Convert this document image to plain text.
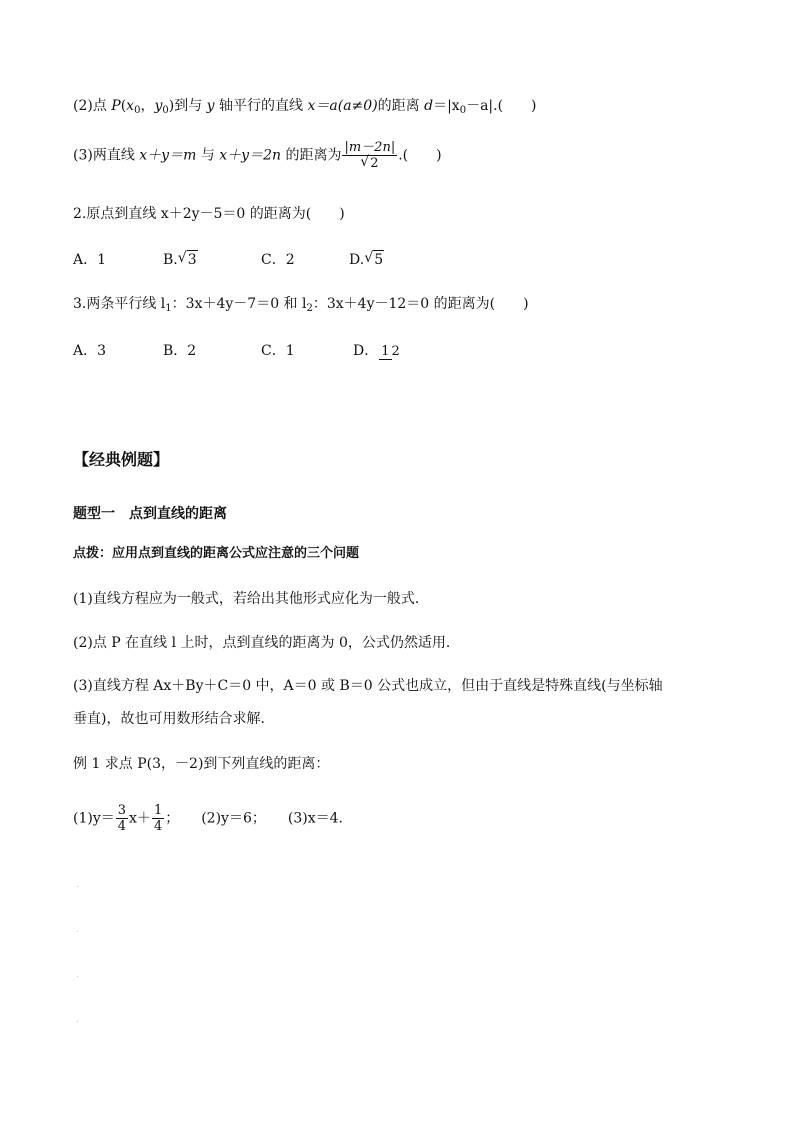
(2)点 $P(x_0$，$y_0$)到与 y 轴平行的直线 x＝a(a≠0)的距离 $d=|x_0-a|$.(　　)
(3)两直线 x＋y＝m 与 x＋y＝2n 的距离为 $\frac{|m-2n|}{√ 2}$ .(　　)
2.原点到直线 x＋2y－5＝0 的距离为(　　)
A．1	B. √ 3	C．2	D. √ 5
3.两条平行线 $l_1$：3x＋4y－7＝0 和 $l_2$：3x＋4y－12＝0 的距离为(　　)
A．3	B．2	C．1	D． 1 2
【经典例题】
题型一　点到直线的距离
点拨：应用点到直线的距离公式应注意的三个问题
(1)直线方程应为一般式，若给出其他形式应化为一般式．
(2)点 P 在直线 l 上时，点到直线的距离为 0，公式仍然适用．
(3)直线方程 Ax＋By＋C＝0 中，A＝0 或 B＝0 公式也成立，但由于直线是特殊直线(与坐标轴
垂直)，故也可用数形结合求解．
例 1 求点 P(3，－2)到下列直线的距离：
$(1)y= \frac{3}{4} x+ \frac{1}{4}$ ； (2)y＝6； (3)x＝4.
.
.
.
.
